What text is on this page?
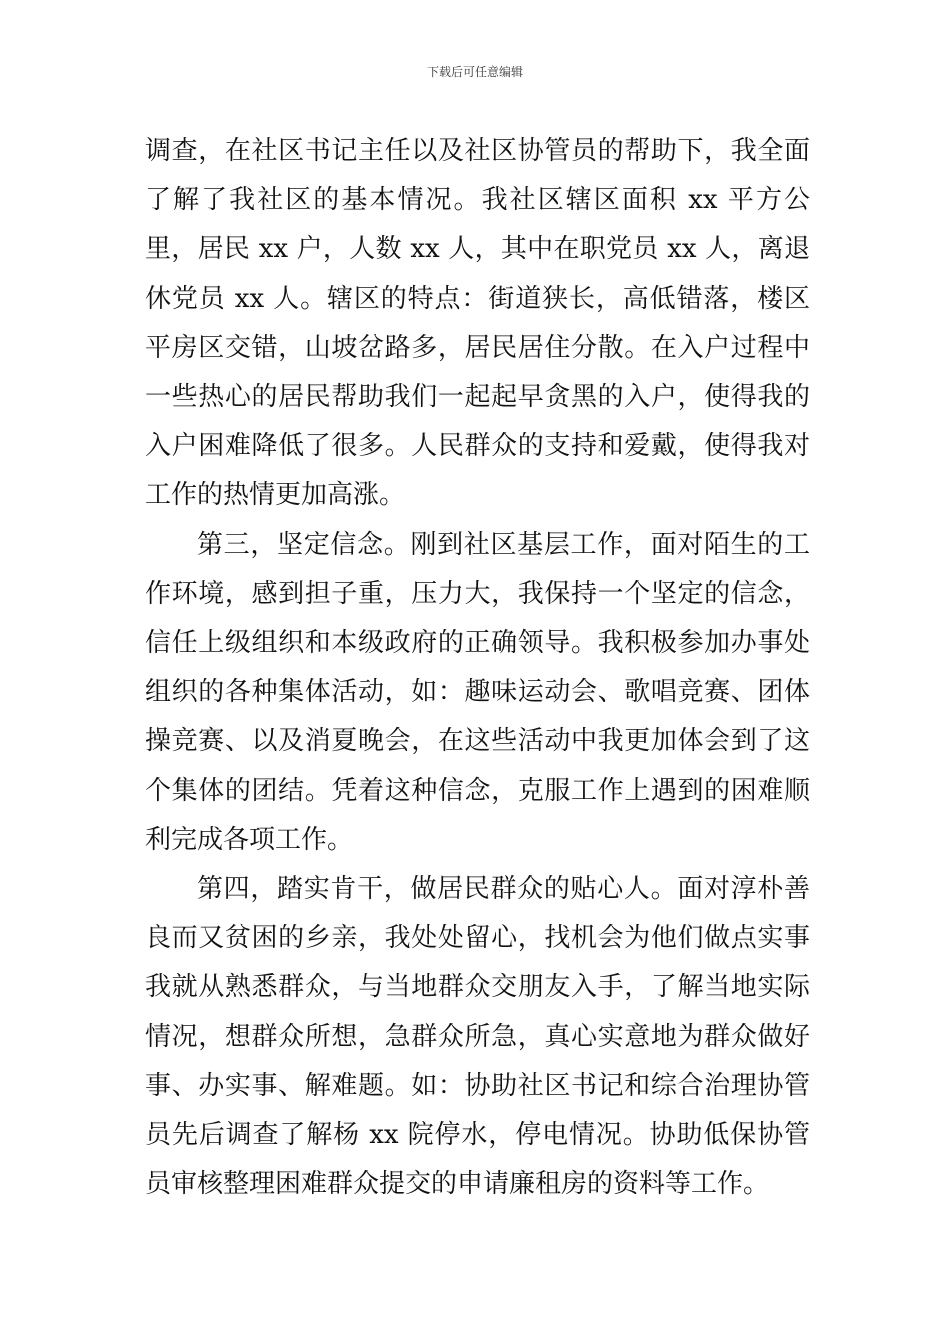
下载后可任意编辑

调查，在社区书记主任以及社区协管员的帮助下，我全面了解了我社区的基本情况。我社区辖区面积 xx 平方公里，居民 xx 户，人数 xx 人，其中在职党员 xx 人，离退休党员 xx 人。辖区的特点：街道狭长，高低错落，楼区平房区交错，山坡岔路多，居民居住分散。在入户过程中一些热心的居民帮助我们一起起早贪黑的入户，使得我的入户困难降低了很多。人民群众的支持和爱戴，使得我对工作的热情更加高涨。

第三，坚定信念。刚到社区基层工作，面对陌生的工作环境，感到担子重，压力大，我保持一个坚定的信念，信任上级组织和本级政府的正确领导。我积极参加办事处组织的各种集体活动，如：趣味运动会、歌唱竞赛、团体操竞赛、以及消夏晚会，在这些活动中我更加体会到了这个集体的团结。凭着这种信念，克服工作上遇到的困难顺利完成各项工作。

第四，踏实肯干，做居民群众的贴心人。面对淳朴善良而又贫困的乡亲，我处处留心，找机会为他们做点实事我就从熟悉群众，与当地群众交朋友入手，了解当地实际情况，想群众所想，急群众所急，真心实意地为群众做好事、办实事、解难题。如：协助社区书记和综合治理协管员先后调查了解杨 xx 院停水，停电情况。协助低保协管员审核整理困难群众提交的申请廉租房的资料等工作。
